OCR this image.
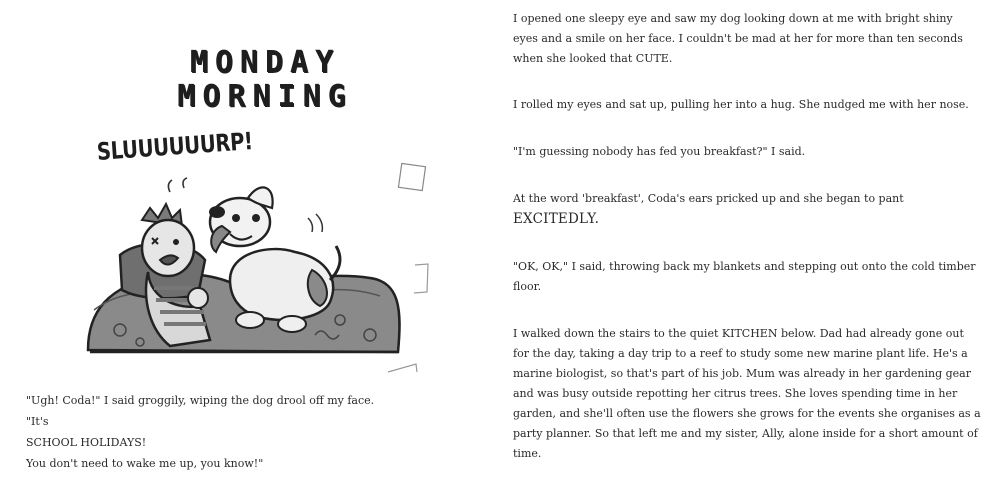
MONDAY
MORNING
SLUUUUUURP!

"Ugh! Coda!" I said groggily, wiping the dog drool off my face. "It's

SCHOOL HOLIDAYS!

You don't need to wake me up, you know!"

I opened one sleepy eye and saw my dog looking down at me with bright shiny eyes and a smile on her face. I couldn't be mad at her for more than ten seconds when she looked that CUTE.

I rolled my eyes and sat up, pulling her into a hug. She nudged me with her nose.

"I'm guessing nobody has fed you breakfast?" I said.

At the word 'breakfast', Coda's ears pricked up and she began to pant EXCITEDLY.

"OK, OK," I said, throwing back my blankets and stepping out onto the cold timber floor.

I walked down the stairs to the quiet KITCHEN below. Dad had already gone out for the day, taking a day trip to a reef to study some new marine plant life. He's a marine biologist, so that's part of his job. Mum was already in her gardening gear and was busy outside repotting her citrus trees. She loves spending time in her garden, and she'll often use the flowers she grows for the events she organises as a party planner. So that left me and my sister, Ally, alone inside for a short amount of time.
